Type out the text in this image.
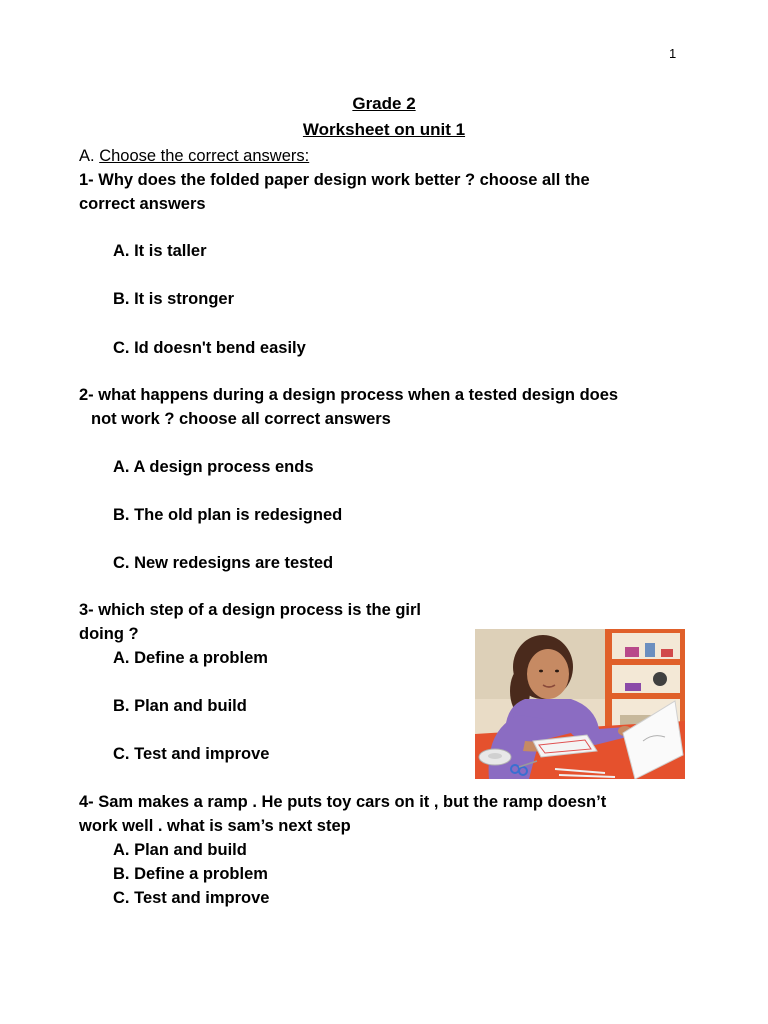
1
Grade 2
Worksheet on unit 1
A. Choose the correct answers:
1- Why does the folded paper design work better ? choose all the
correct answers
A. It is taller
B. It is stronger
C. Id doesn't bend easily
2- what happens during a design process when a tested design does
not work ? choose all correct answers
A. A design process ends
B. The old plan is redesigned
C. New redesigns are tested
3- which step of a design process is the girl
doing ?
A. Define a problem
B. Plan and build
C. Test and improve
4- Sam makes a ramp . He puts toy cars on it , but the ramp doesn’t
work well . what is sam’s next step
A. Plan and build
B. Define a problem
C. Test and improve
